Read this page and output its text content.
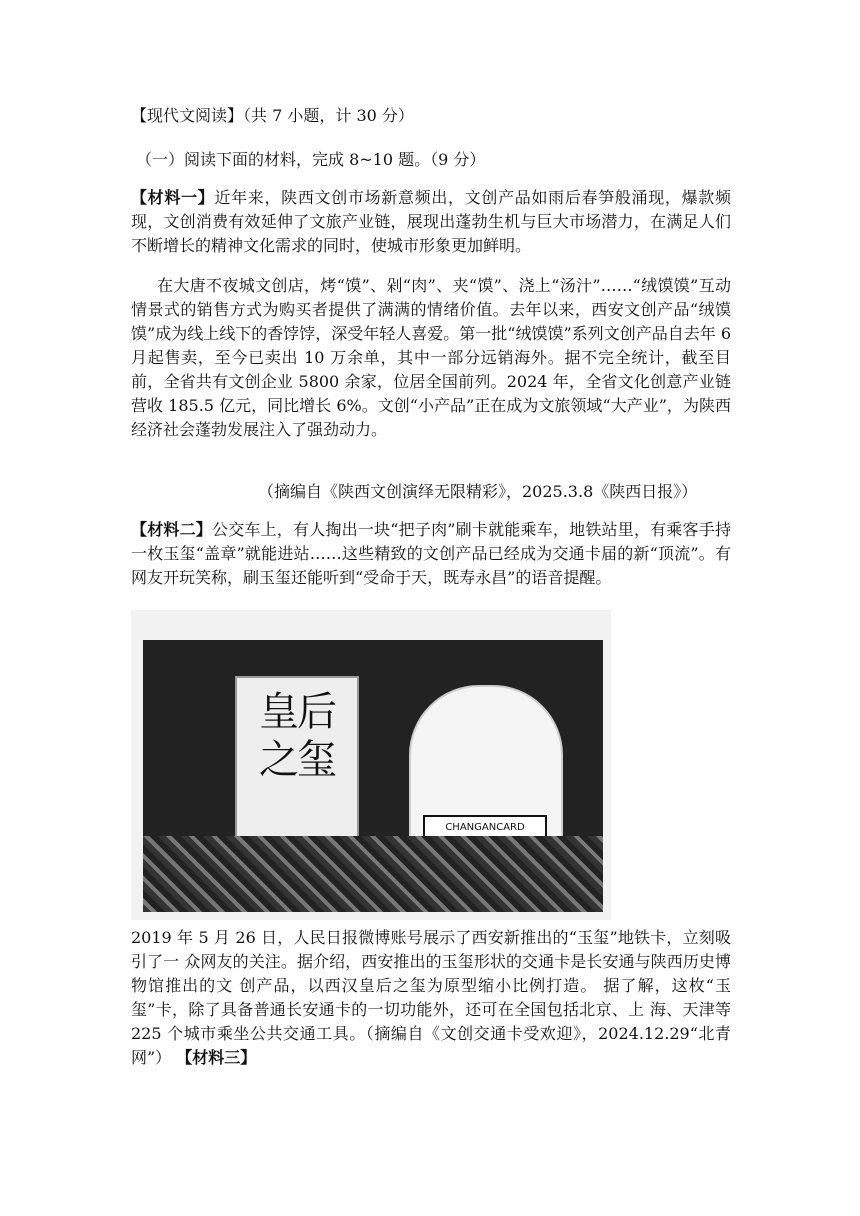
【现代文阅读】（共 7 小题，计 30 分）
（一）阅读下面的材料，完成 8~10 题。（9 分）
【材料一】近年来，陕西文创市场新意频出，文创产品如雨后春笋般涌现，爆款频现，文创消费有效延伸了文旅产业链，展现出蓬勃生机与巨大市场潜力，在满足人们不断增长的精神文化需求的同时，使城市形象更加鲜明。
在大唐不夜城文创店，烤“馍”、剁“肉”、夹“馍”、浇上“汤汁”……“绒馍馍”互动情景式的销售方式为购买者提供了满满的情绪价值。去年以来，西安文创产品“绒馍馍”成为线上线下的香饽饽，深受年轻人喜爱。第一批“绒馍馍”系列文创产品自去年 6 月起售卖，至今已卖出 10 万余单，其中一部分远销海外。据不完全统计，截至目前，全省共有文创企业 5800 余家，位居全国前列。2024 年，全省文化创意产业链营收 185.5 亿元，同比增长 6%。文创“小产品”正在成为文旅领域“大产业”，为陕西经济社会蓬勃发展注入了强劲动力。
（摘编自《陕西文创演绎无限精彩》，2025.3.8《陕西日报》）
【材料二】公交车上，有人掏出一块“把子肉”刷卡就能乘车，地铁站里，有乘客手持一枚玉玺“盖章”就能进站……这些精致的文创产品已经成为交通卡届的新“顶流”。有网友开玩笑称，刷玉玺还能听到“受命于天，既寿永昌”的语音提醒。
皇后之玺
CHANGANCARD
2019 年 5 月 26 日，人民日报微博账号展示了西安新推出的“玉玺”地铁卡，立刻吸引了一 众网友的关注。据介绍，西安推出的玉玺形状的交通卡是长安通与陕西历史博物馆推出的文 创产品，以西汉皇后之玺为原型缩小比例打造。 据了解，这枚“玉玺”卡，除了具备普通长安通卡的一切功能外，还可在全国包括北京、上 海、天津等 225 个城市乘坐公共交通工具。（摘编自《文创交通卡受欢迎》，2024.12.29“北青网”） 【材料三】
